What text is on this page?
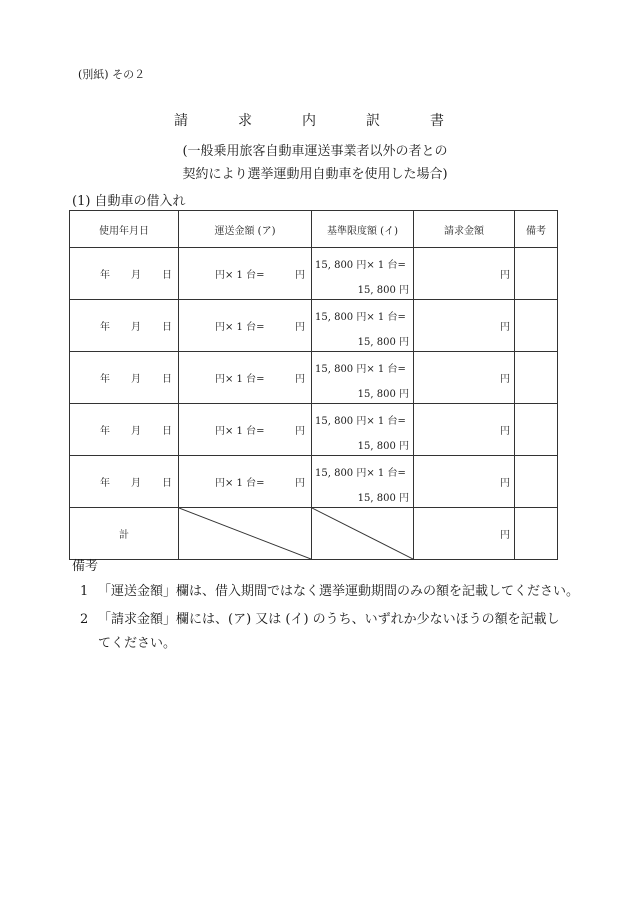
(別紙) その２
請	求	内	訳	書
(一般乗用旅客自動車運送事業者以外の者との
契約により選挙運動用自動車を使用した場合)
(1) 自動車の借入れ
使用年月日	運送金額 (ア)	基準限度額 (イ)	請求金額	備考

年 月 日	円× 1 台= 円	15, 800 円× 1 台=
15, 800 円	円	

年 月 日	円× 1 台= 円	15, 800 円× 1 台=
15, 800 円	円	

年 月 日	円× 1 台= 円	15, 800 円× 1 台=
15, 800 円	円	

年 月 日	円× 1 台= 円	15, 800 円× 1 台=
15, 800 円	円	

年 月 日	円× 1 台= 円	15, 800 円× 1 台=
15, 800 円	円	
計			円	
備考
1 「運送金額」欄は、借入期間ではなく選挙運動期間のみの額を記載してください。
2 「請求金額」欄には、(ア) 又は (イ) のうち、いずれか少ないほうの額を記載し
てください。
